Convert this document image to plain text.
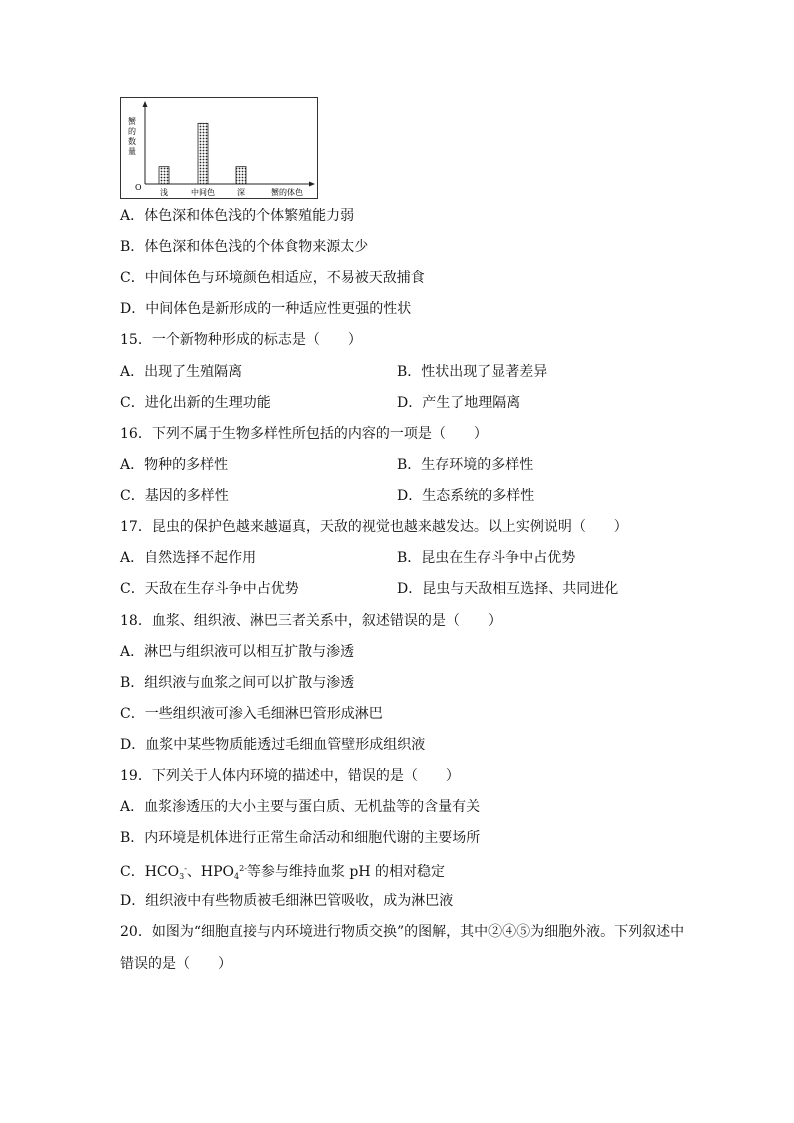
O
蟹的数量
浅	中间色	深	蟹的体色
A．体色深和体色浅的个体繁殖能力弱
B．体色深和体色浅的个体食物来源太少
C．中间体色与环境颜色相适应，不易被天敌捕食
D．中间体色是新形成的一种适应性更强的性状
15．一个新物种形成的标志是（　　）
A．出现了生殖隔离	B．性状出现了显著差异
C．进化出新的生理功能	D．产生了地理隔离
16．下列不属于生物多样性所包括的内容的一项是（　　）
A．物种的多样性	B．生存环境的多样性
C．基因的多样性	D．生态系统的多样性
17．昆虫的保护色越来越逼真，天敌的视觉也越来越发达。以上实例说明（　　）
A．自然选择不起作用	B．昆虫在生存斗争中占优势
C．天敌在生存斗争中占优势	D．昆虫与天敌相互选择、共同进化
18．血浆、组织液、淋巴三者关系中，叙述错误的是（　　）
A．淋巴与组织液可以相互扩散与渗透
B．组织液与血浆之间可以扩散与渗透
C．一些组织液可渗入毛细淋巴管形成淋巴
D．血浆中某些物质能透过毛细血管壁形成组织液
19．下列关于人体内环境的描述中，错误的是（　　）
A．血浆渗透压的大小主要与蛋白质、无机盐等的含量有关
B．内环境是机体进行正常生命活动和细胞代谢的主要场所
C．$HCO_3^-$、$HPO_4^{2-}$等参与维持血浆 pH 的相对稳定
D．组织液中有些物质被毛细淋巴管吸收，成为淋巴液
20．如图为“细胞直接与内环境进行物质交换”的图解，其中②④⑤为细胞外液。下列叙述中
错误的是（　　）
